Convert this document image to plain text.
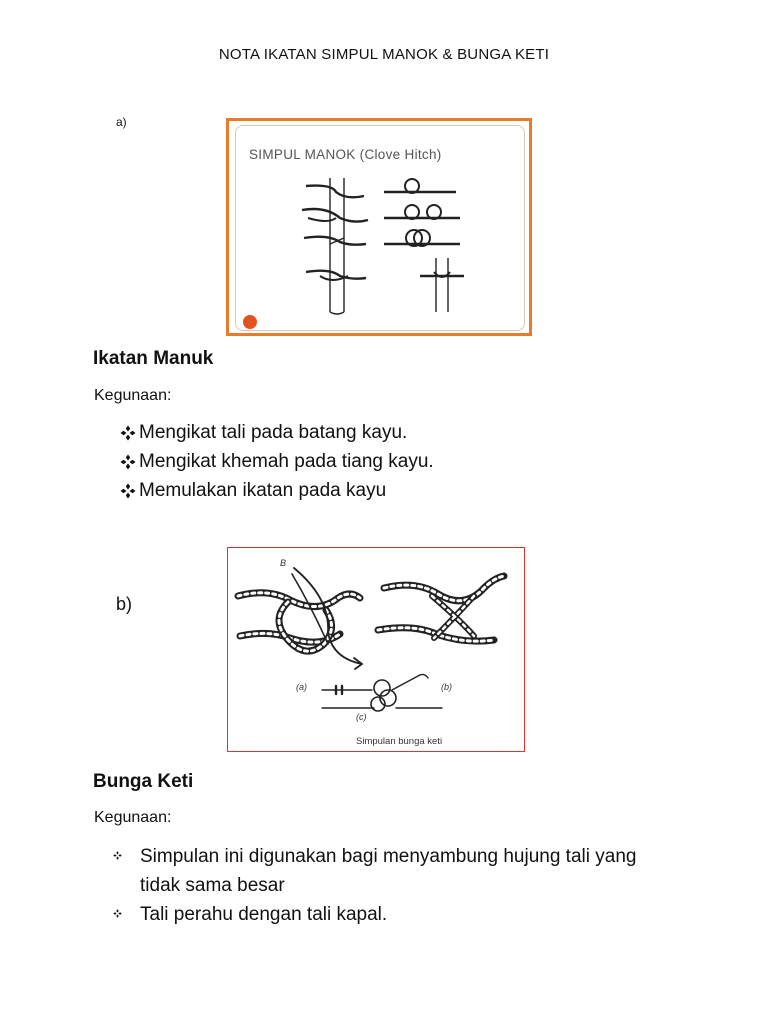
NOTA IKATAN SIMPUL MANOK & BUNGA KETI
a)
SIMPUL MANOK (Clove Hitch)
Ikatan Manuk
Kegunaan:
Mengikat tali pada batang kayu.
Mengikat khemah pada tiang kayu.
Memulakan ikatan pada kayu
b)
B
(a)	(b)
(c)
Simpulan bunga keti
Bunga Keti
Kegunaan:
Simpulan ini digunakan bagi menyambung hujung tali yang tidak sama besar
Tali perahu dengan tali kapal.
